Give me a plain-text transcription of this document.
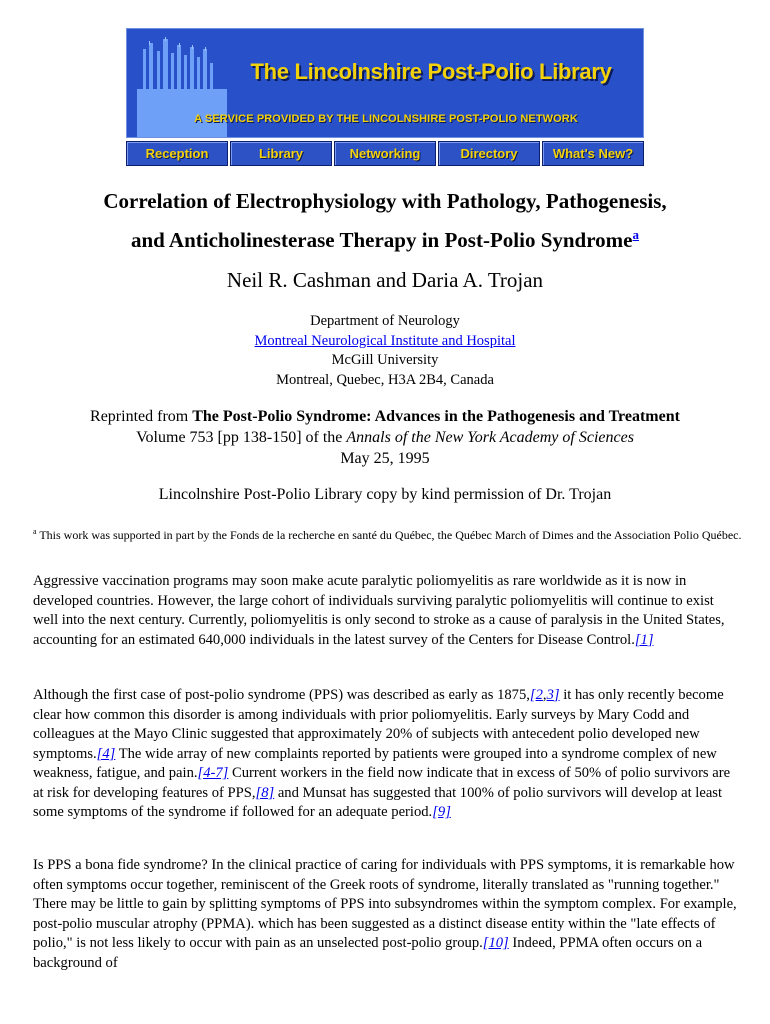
The Lincolnshire Post-Polio Library
A SERVICE PROVIDED BY THE LINCOLNSHIRE POST-POLIO NETWORK
Reception	Library	Networking	Directory	What's New?
Correlation of Electrophysiology with Pathology, Pathogenesis,
and Anticholinesterase Therapy in Post-Polio Syndrome$^a$
Neil R. Cashman and Daria A. Trojan
Department of Neurology
Montreal Neurological Institute and Hospital
McGill University
Montreal, Quebec, H3A 2B4, Canada
Reprinted from The Post-Polio Syndrome: Advances in the Pathogenesis and Treatment
Volume 753 [pp 138-150] of the Annals of the New York Academy of Sciences
May 25, 1995
Lincolnshire Post-Polio Library copy by kind permission of Dr. Trojan
$^a$ This work was supported in part by the Fonds de la recherche en santé du Québec, the Québec March of Dimes and the Association Polio Québec.
Aggressive vaccination programs may soon make acute paralytic poliomyelitis as rare worldwide as it is now in developed countries. However, the large cohort of individuals surviving paralytic poliomyelitis will continue to exist well into the next century. Currently, poliomyelitis is only second to stroke as a cause of paralysis in the United States, accounting for an estimated 640,000 individuals in the latest survey of the Centers for Disease Control.[1]
Although the first case of post-polio syndrome (PPS) was described as early as 1875,[2,3] it has only recently become clear how common this disorder is among individuals with prior poliomyelitis. Early surveys by Mary Codd and colleagues at the Mayo Clinic suggested that approximately 20% of subjects with antecedent polio developed new symptoms.[4] The wide array of new complaints reported by patients were grouped into a syndrome complex of new weakness, fatigue, and pain.[4-7] Current workers in the field now indicate that in excess of 50% of polio survivors are at risk for developing features of PPS,[8] and Munsat has suggested that 100% of polio survivors will develop at least some symptoms of the syndrome if followed for an adequate period.[9]
Is PPS a bona fide syndrome? In the clinical practice of caring for individuals with PPS symptoms, it is remarkable how often symptoms occur together, reminiscent of the Greek roots of syndrome, literally translated as "running together." There may be little to gain by splitting symptoms of PPS into subsyndromes within the symptom complex. For example, post-polio muscular atrophy (PPMA). which has been suggested as a distinct disease entity within the "late effects of polio," is not less likely to occur with pain as an unselected post-polio group.[10] Indeed, PPMA often occurs on a background of
